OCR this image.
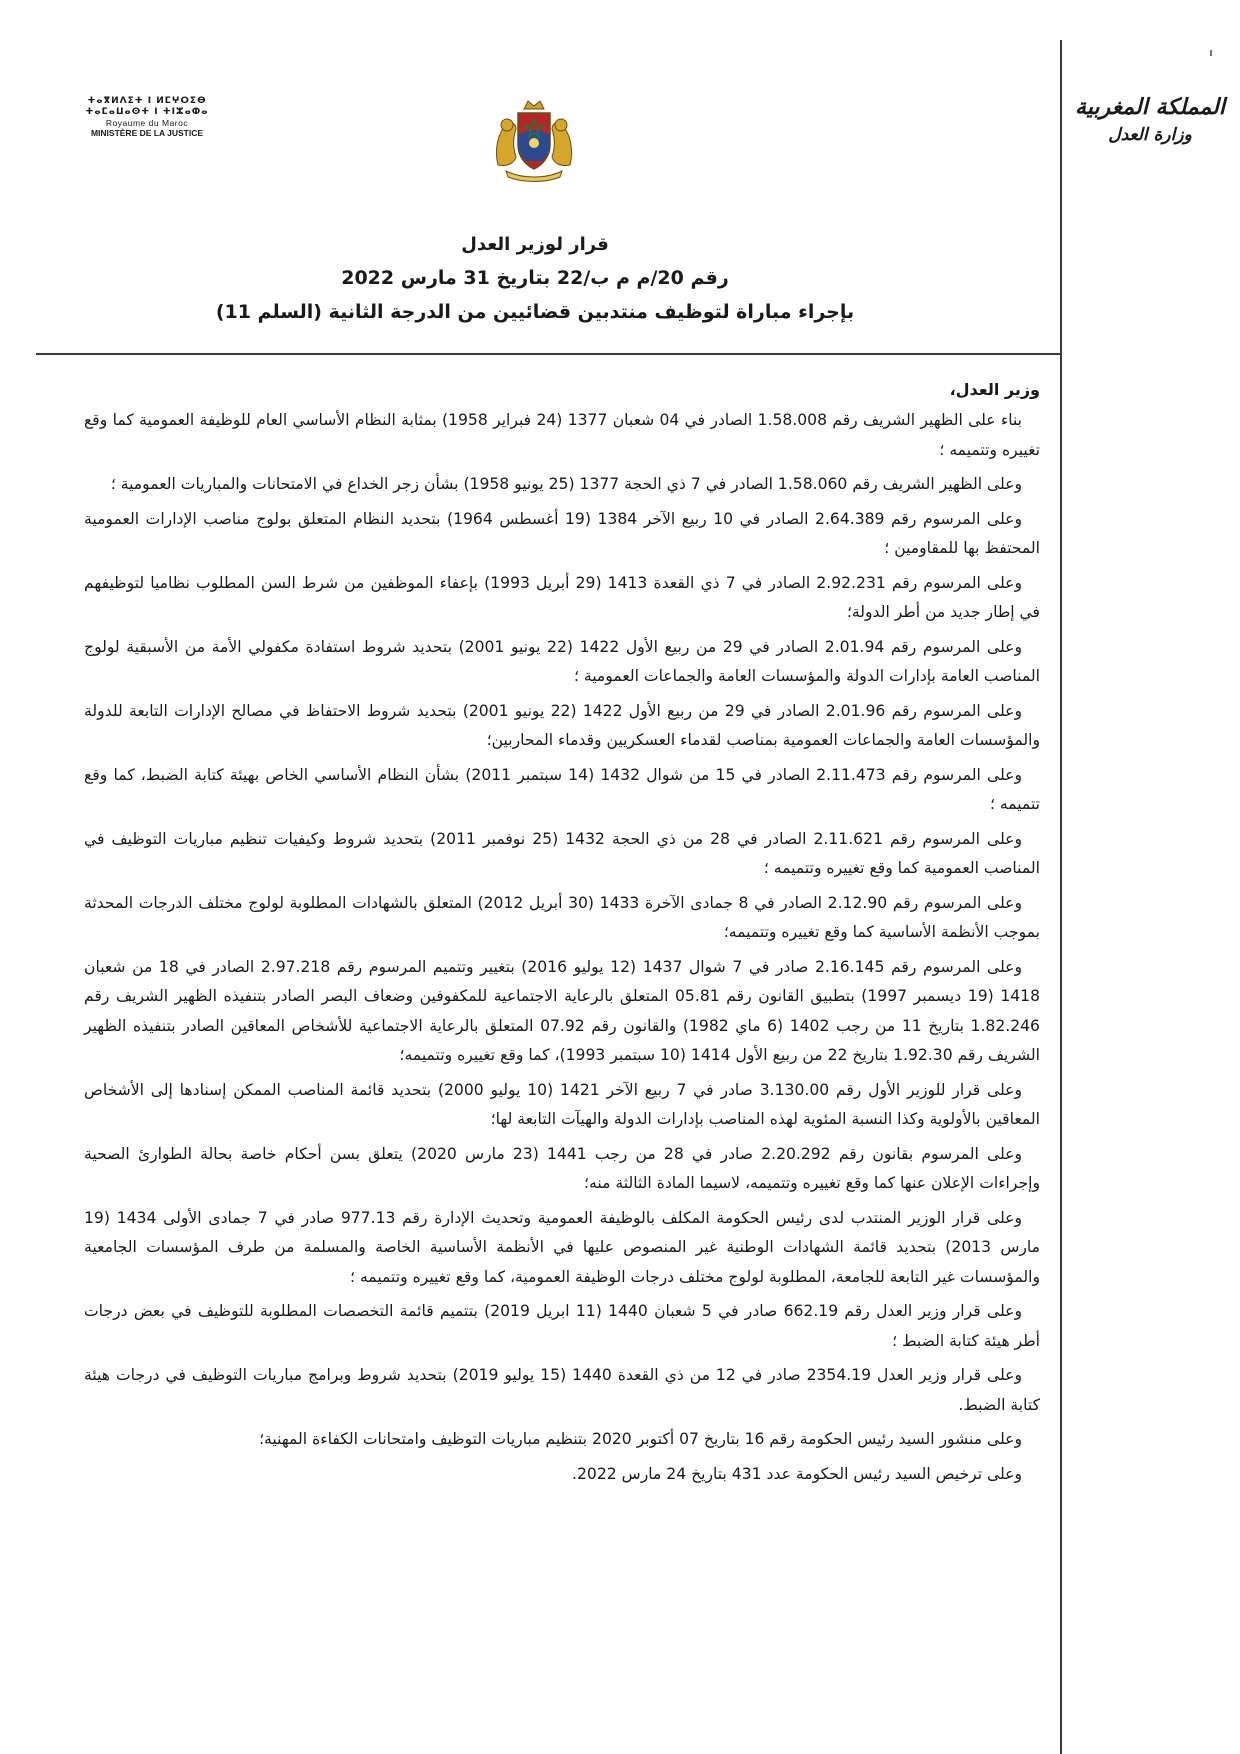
ⵜⴰⴳⵍⴷⵉⵜ ⵏ ⵍⵎⵖⵔⵉⴱ
ⵜⴰⵎⴰⵡⴰⵙⵜ ⵏ ⵜⵏⵣⴰⵀⴰ
Royaume du Maroc
MINISTÈRE DE LA JUSTICE
المملكة المغربية
وزارة العدل
قرار لوزير العدل
رقم 20/م م ب/22 بتاريخ 31 مارس 2022
بإجراء مباراة لتوظيف منتدبين قضائيين من الدرجة الثانية (السلم 11)
وزير العدل،

بناء على الظهير الشريف رقم 1.58.008 الصادر في 04 شعبان 1377 (24 فبراير 1958) بمثابة النظام الأساسي العام للوظيفة العمومية كما وقع تغييره وتتميمه ؛

وعلى الظهير الشريف رقم 1.58.060 الصادر في 7 ذي الحجة 1377 (25 يونيو 1958) بشأن زجر الخداع في الامتحانات والمباريات العمومية ؛

وعلى المرسوم رقم 2.64.389 الصادر في 10 ربيع الآخر 1384 (19 أغسطس 1964) بتحديد النظام المتعلق بولوج مناصب الإدارات العمومية المحتفظ بها للمقاومين ؛

وعلى المرسوم رقم 2.92.231 الصادر في 7 ذي القعدة 1413 (29 أبريل 1993) بإعفاء الموظفين من شرط السن المطلوب نظاميا لتوظيفهم في إطار جديد من أطر الدولة؛

وعلى المرسوم رقم 2.01.94 الصادر في 29 من ربيع الأول 1422 (22 يونيو 2001) بتحديد شروط استفادة مكفولي الأمة من الأسبقية لولوج المناصب العامة بإدارات الدولة والمؤسسات العامة والجماعات العمومية ؛

وعلى المرسوم رقم 2.01.96 الصادر في 29 من ربيع الأول 1422 (22 يونيو 2001) بتحديد شروط الاحتفاظ في مصالح الإدارات التابعة للدولة والمؤسسات العامة والجماعات العمومية بمناصب لقدماء العسكريين وقدماء المحاربين؛

وعلى المرسوم رقم 2.11.473 الصادر في 15 من شوال 1432 (14 سبتمبر 2011) بشأن النظام الأساسي الخاص بهيئة كتابة الضبط، كما وقع تتميمه ؛

وعلى المرسوم رقم 2.11.621 الصادر في 28 من ذي الحجة 1432 (25 نوفمبر 2011) بتحديد شروط وكيفيات تنظيم مباريات التوظيف في المناصب العمومية كما وقع تغييره وتتميمه ؛

وعلى المرسوم رقم 2.12.90 الصادر في 8 جمادى الآخرة 1433 (30 أبريل 2012) المتعلق بالشهادات المطلوبة لولوج مختلف الدرجات المحدثة بموجب الأنظمة الأساسية كما وقع تغييره وتتميمه؛

وعلى المرسوم رقم 2.16.145 صادر في 7 شوال 1437 (12 يوليو 2016) بتغيير وتتميم المرسوم رقم 2.97.218 الصادر في 18 من شعبان 1418 (19 ديسمبر 1997) بتطبيق القانون رقم 05.81 المتعلق بالرعاية الاجتماعية للمكفوفين وضعاف البصر الصادر بتنفيذه الظهير الشريف رقم 1.82.246 بتاريخ 11 من رجب 1402 (6 ماي 1982) والقانون رقم 07.92 المتعلق بالرعاية الاجتماعية للأشخاص المعاقين الصادر بتنفيذه الظهير الشريف رقم 1.92.30 بتاريخ 22 من ربيع الأول 1414 (10 سبتمبر 1993)، كما وقع تغييره وتتميمه؛

وعلى قرار للوزير الأول رقم 3.130.00 صادر في 7 ربيع الآخر 1421 (10 يوليو 2000) بتحديد قائمة المناصب الممكن إسنادها إلى الأشخاص المعاقين بالأولوية وكذا النسبة المئوية لهذه المناصب بإدارات الدولة والهيآت التابعة لها؛

وعلى المرسوم بقانون رقم 2.20.292 صادر في 28 من رجب 1441 (23 مارس 2020) يتعلق بسن أحكام خاصة بحالة الطوارئ الصحية وإجراءات الإعلان عنها كما وقع تغييره وتتميمه، لاسيما المادة الثالثة منه؛

وعلى قرار الوزير المنتدب لدى رئيس الحكومة المكلف بالوظيفة العمومية وتحديث الإدارة رقم 977.13 صادر في 7 جمادى الأولى 1434 (19 مارس 2013) بتحديد قائمة الشهادات الوطنية غير المنصوص عليها في الأنظمة الأساسية الخاصة والمسلمة من طرف المؤسسات الجامعية والمؤسسات غير التابعة للجامعة، المطلوبة لولوج مختلف درجات الوظيفة العمومية، كما وقع تغييره وتتميمه ؛

وعلى قرار وزير العدل رقم 662.19 صادر في 5 شعبان 1440 (11 ابريل 2019) بتتميم قائمة التخصصات المطلوبة للتوظيف في بعض درجات أطر هيئة كتابة الضبط ؛

وعلى قرار وزير العدل 2354.19 صادر في 12 من ذي القعدة 1440 (15 يوليو 2019) بتحديد شروط وبرامج مباريات التوظيف في درجات هيئة كتابة الضبط.

وعلى منشور السيد رئيس الحكومة رقم 16 بتاريخ 07 أكتوبر 2020 بتنظيم مباريات التوظيف وامتحانات الكفاءة المهنية؛

وعلى ترخيص السيد رئيس الحكومة عدد 431 بتاريخ 24 مارس 2022.
